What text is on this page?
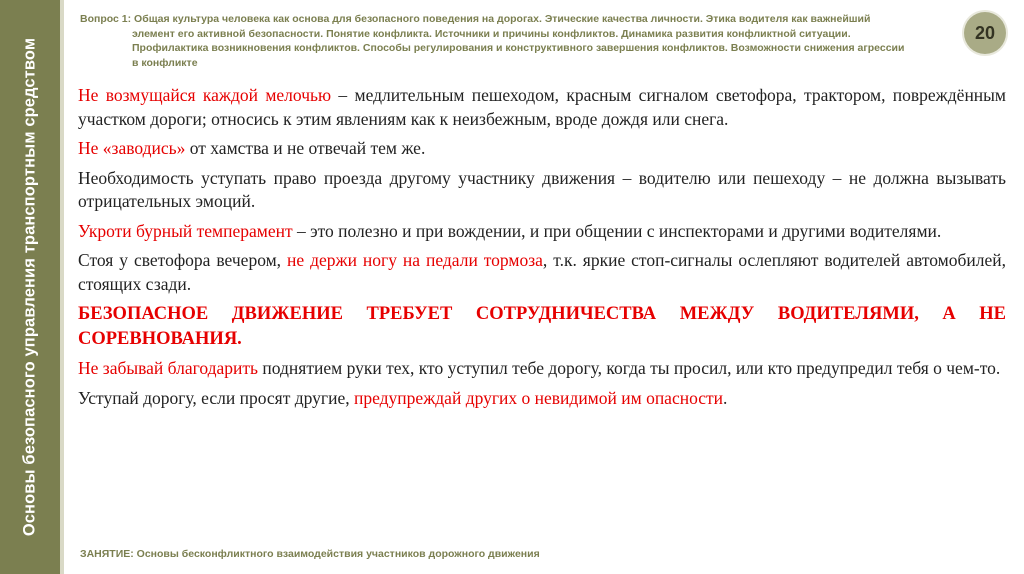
Основы безопасного управления транспортным средством
Вопрос 1: Общая культура человека как основа для безопасного поведения на дорогах. Этические качества личности. Этика водителя как важнейший
элемент его активной безопасности. Понятие конфликта. Источники и причины конфликтов. Динамика развития конфликтной ситуации.
Профилактика возникновения конфликтов. Способы регулирования и конструктивного завершения конфликтов. Возможности снижения агрессии
в конфликте
20

Не возмущайся каждой мелочью – медлительным пешеходом, красным сигналом светофора, трактором, повреждённым участком дороги; относись к этим явлениям как к неизбежным, вроде дождя или снега.

Не «заводись» от хамства и не отвечай тем же.

Необходимость уступать право проезда другому участнику движения – водителю или пешеходу – не должна вызывать отрицательных эмоций.

Укроти бурный темперамент – это полезно и при вождении, и при общении с инспекторами и другими водителями.

Стоя у светофора вечером, не держи ногу на педали тормоза, т.к. яркие стоп-сигналы ослепляют водителей автомобилей, стоящих сзади.

БЕЗОПАСНОЕ ДВИЖЕНИЕ ТРЕБУЕТ СОТРУДНИЧЕСТВА МЕЖДУ ВОДИТЕЛЯМИ, А НЕ СОРЕВНОВАНИЯ.

Не забывай благодарить поднятием руки тех, кто уступил тебе дорогу, когда ты просил, или кто предупредил тебя о чем-то.

Уступай дорогу, если просят другие, предупреждай других о невидимой им опасности.

ЗАНЯТИЕ: Основы бесконфликтного взаимодействия участников дорожного движения
